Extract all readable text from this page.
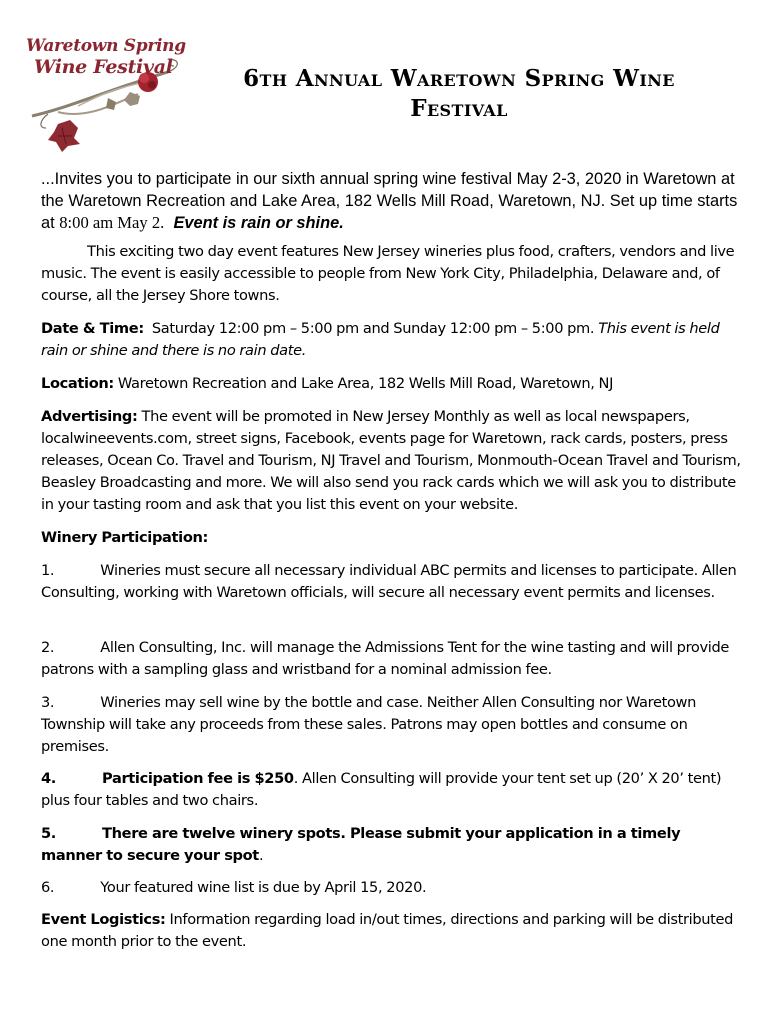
Waretown Spring
Wine Festival	6th Annual Waretown Spring Wine Festival
...Invites you to participate in our sixth annual spring wine festival May 2-3, 2020 in Waretown at the Waretown Recreation and Lake Area, 182 Wells Mill Road, Waretown, NJ. Set up time starts at 8:00 am May 2. Event is rain or shine.
This exciting two day event features New Jersey wineries plus food, crafters, vendors and live music. The event is easily accessible to people from New York City, Philadelphia, Delaware and, of course, all the Jersey Shore towns.
Date & Time: Saturday 12:00 pm – 5:00 pm and Sunday 12:00 pm – 5:00 pm. This event is held rain or shine and there is no rain date.
Location: Waretown Recreation and Lake Area, 182 Wells Mill Road, Waretown, NJ
Advertising: The event will be promoted in New Jersey Monthly as well as local newspapers, localwineevents.com, street signs, Facebook, events page for Waretown, rack cards, posters, press releases, Ocean Co. Travel and Tourism, NJ Travel and Tourism, Monmouth-Ocean Travel and Tourism, Beasley Broadcasting and more. We will also send you rack cards which we will ask you to distribute in your tasting room and ask that you list this event on your website.
Winery Participation:
1.	Wineries must secure all necessary individual ABC permits and licenses to participate. Allen Consulting, working with Waretown officials, will secure all necessary event permits and licenses.
2.	Allen Consulting, Inc. will manage the Admissions Tent for the wine tasting and will provide patrons with a sampling glass and wristband for a nominal admission fee.
3.	Wineries may sell wine by the bottle and case. Neither Allen Consulting nor Waretown Township will take any proceeds from these sales. Patrons may open bottles and consume on premises.
4.	Participation fee is $250. Allen Consulting will provide your tent set up (20’ X 20’ tent) plus four tables and two chairs.
5.	There are twelve winery spots. Please submit your application in a timely manner to secure your spot.
6.	Your featured wine list is due by April 15, 2020.
Event Logistics: Information regarding load in/out times, directions and parking will be distributed one month prior to the event.
